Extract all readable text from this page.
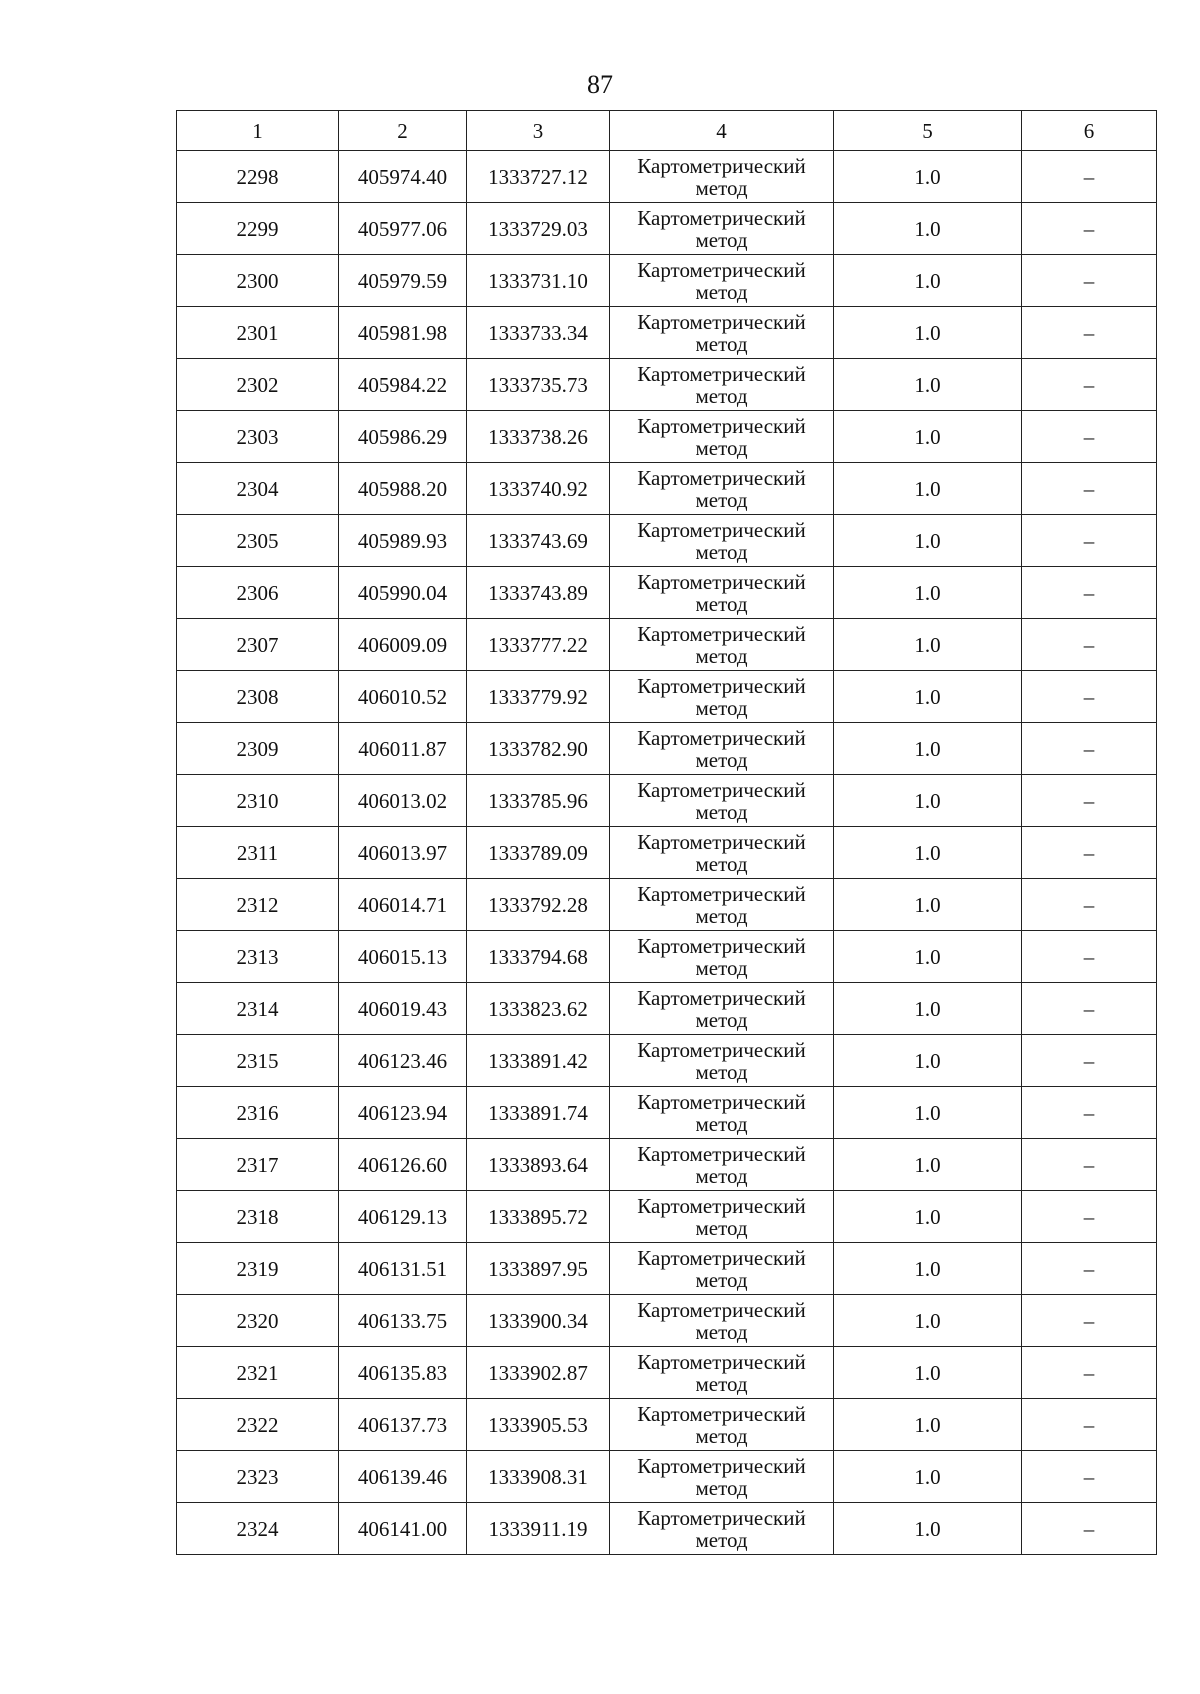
87
1	2	3	4	5	6
2298	405974.40	1333727.12	Картометрический метод	1.0	–
2299	405977.06	1333729.03	Картометрический метод	1.0	–
2300	405979.59	1333731.10	Картометрический метод	1.0	–
2301	405981.98	1333733.34	Картометрический метод	1.0	–
2302	405984.22	1333735.73	Картометрический метод	1.0	–
2303	405986.29	1333738.26	Картометрический метод	1.0	–
2304	405988.20	1333740.92	Картометрический метод	1.0	–
2305	405989.93	1333743.69	Картометрический метод	1.0	–
2306	405990.04	1333743.89	Картометрический метод	1.0	–
2307	406009.09	1333777.22	Картометрический метод	1.0	–
2308	406010.52	1333779.92	Картометрический метод	1.0	–
2309	406011.87	1333782.90	Картометрический метод	1.0	–
2310	406013.02	1333785.96	Картометрический метод	1.0	–
2311	406013.97	1333789.09	Картометрический метод	1.0	–
2312	406014.71	1333792.28	Картометрический метод	1.0	–
2313	406015.13	1333794.68	Картометрический метод	1.0	–
2314	406019.43	1333823.62	Картометрический метод	1.0	–
2315	406123.46	1333891.42	Картометрический метод	1.0	–
2316	406123.94	1333891.74	Картометрический метод	1.0	–
2317	406126.60	1333893.64	Картометрический метод	1.0	–
2318	406129.13	1333895.72	Картометрический метод	1.0	–
2319	406131.51	1333897.95	Картометрический метод	1.0	–
2320	406133.75	1333900.34	Картометрический метод	1.0	–
2321	406135.83	1333902.87	Картометрический метод	1.0	–
2322	406137.73	1333905.53	Картометрический метод	1.0	–
2323	406139.46	1333908.31	Картометрический метод	1.0	–
2324	406141.00	1333911.19	Картометрический метод	1.0	–
